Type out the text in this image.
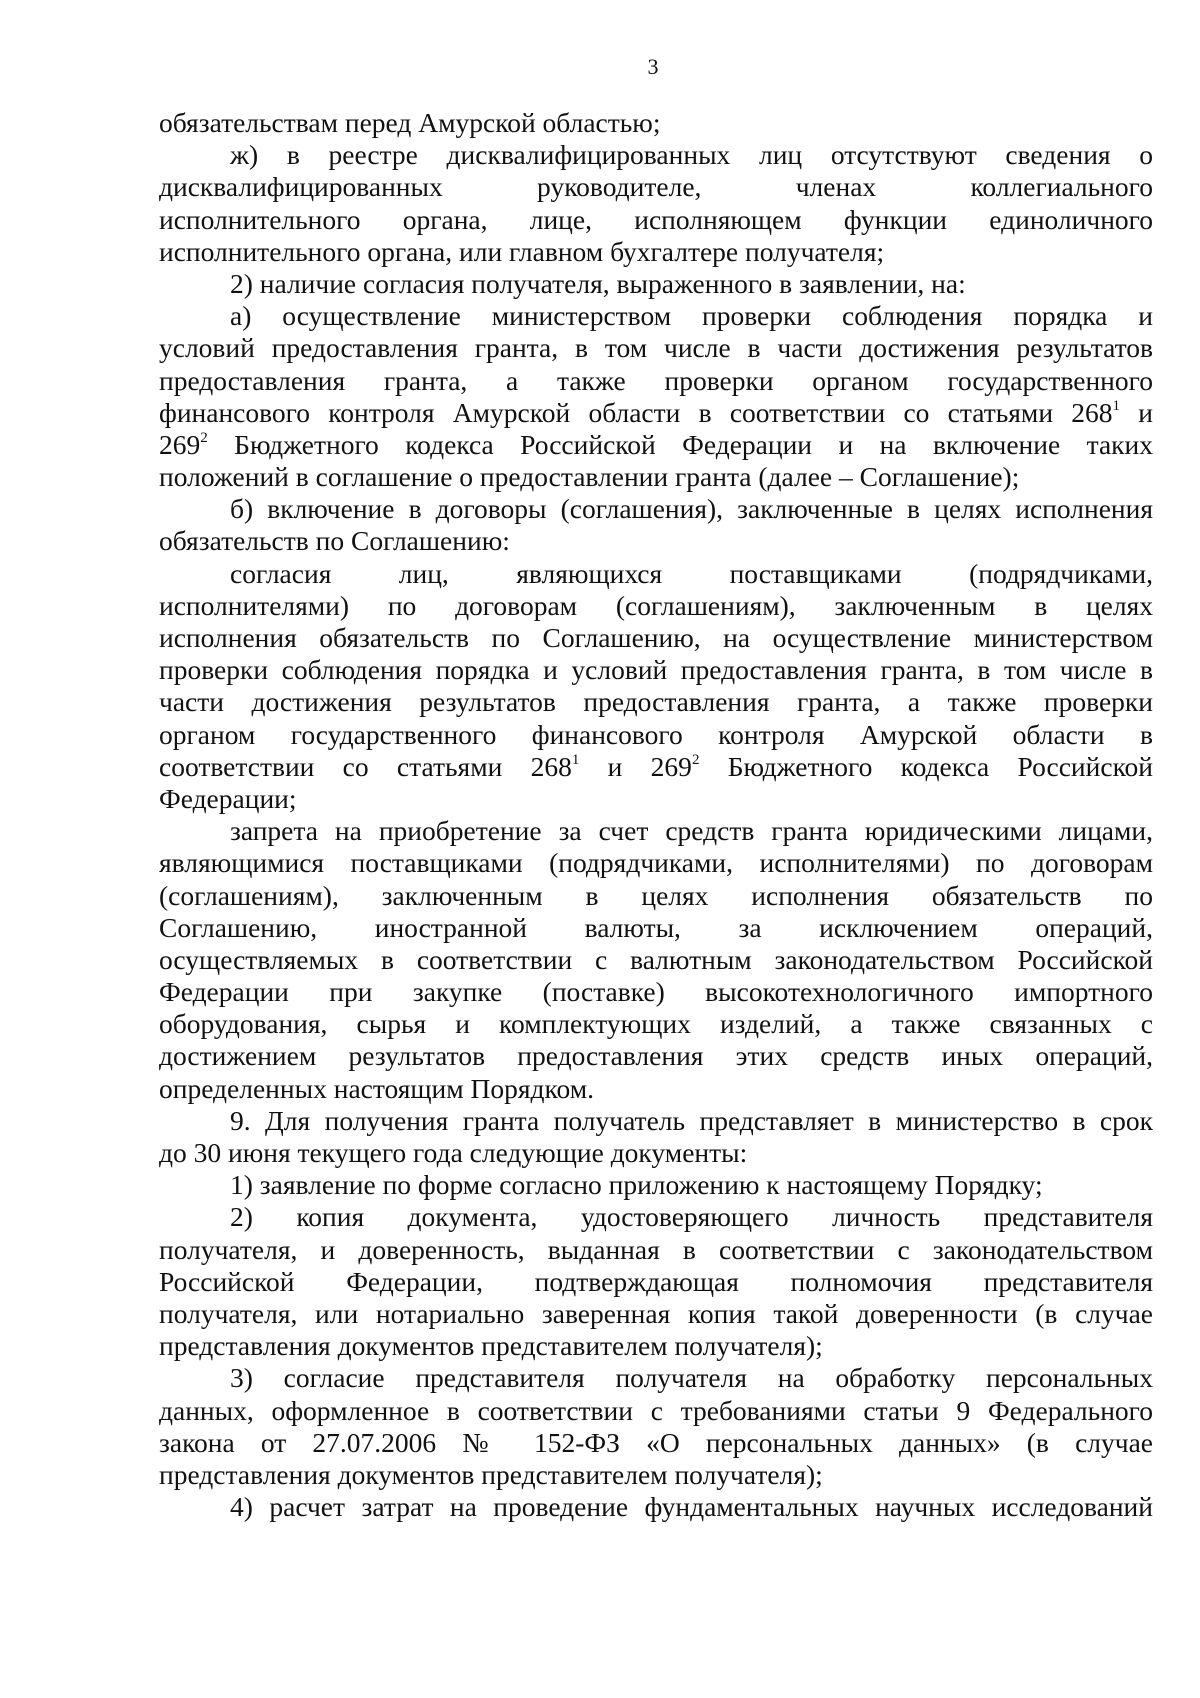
3
обязательствам перед Амурской областью;
ж) в реестре дисквалифицированных лиц отсутствуют сведения о
дисквалифицированных руководителе, членах коллегиального
исполнительного органа, лице, исполняющем функции единоличного
исполнительного органа, или главном бухгалтере получателя;
2) наличие согласия получателя, выраженного в заявлении, на:
а) осуществление министерством проверки соблюдения порядка и
условий предоставления гранта, в том числе в части достижения результатов
предоставления гранта, а также проверки органом государственного
финансового контроля Амурской области в соответствии со статьями $268^1$ и
$269^2$ Бюджетного кодекса Российской Федерации и на включение таких
положений в соглашение о предоставлении гранта (далее – Соглашение);
б) включение в договоры (соглашения), заключенные в целях исполнения
обязательств по Соглашению:
согласия лиц, являющихся поставщиками (подрядчиками,
исполнителями) по договорам (соглашениям), заключенным в целях
исполнения обязательств по Соглашению, на осуществление министерством
проверки соблюдения порядка и условий предоставления гранта, в том числе в
части достижения результатов предоставления гранта, а также проверки
органом государственного финансового контроля Амурской области в
соответствии со статьями $268^1$ и $269^2$ Бюджетного кодекса Российской
Федерации;
запрета на приобретение за счет средств гранта юридическими лицами,
являющимися поставщиками (подрядчиками, исполнителями) по договорам
(соглашениям), заключенным в целях исполнения обязательств по
Соглашению, иностранной валюты, за исключением операций,
осуществляемых в соответствии с валютным законодательством Российской
Федерации при закупке (поставке) высокотехнологичного импортного
оборудования, сырья и комплектующих изделий, а также связанных с
достижением результатов предоставления этих средств иных операций,
определенных настоящим Порядком.
9. Для получения гранта получатель представляет в министерство в срок
до 30 июня текущего года следующие документы:
1) заявление по форме согласно приложению к настоящему Порядку;
2) копия документа, удостоверяющего личность представителя
получателя, и доверенность, выданная в соответствии с законодательством
Российской Федерации, подтверждающая полномочия представителя
получателя, или нотариально заверенная копия такой доверенности (в случае
представления документов представителем получателя);
3) согласие представителя получателя на обработку персональных
данных, оформленное в соответствии с требованиями статьи 9 Федерального
закона от 27.07.2006 № 152-ФЗ «О персональных данных» (в случае
представления документов представителем получателя);
4) расчет затрат на проведение фундаментальных научных исследований
